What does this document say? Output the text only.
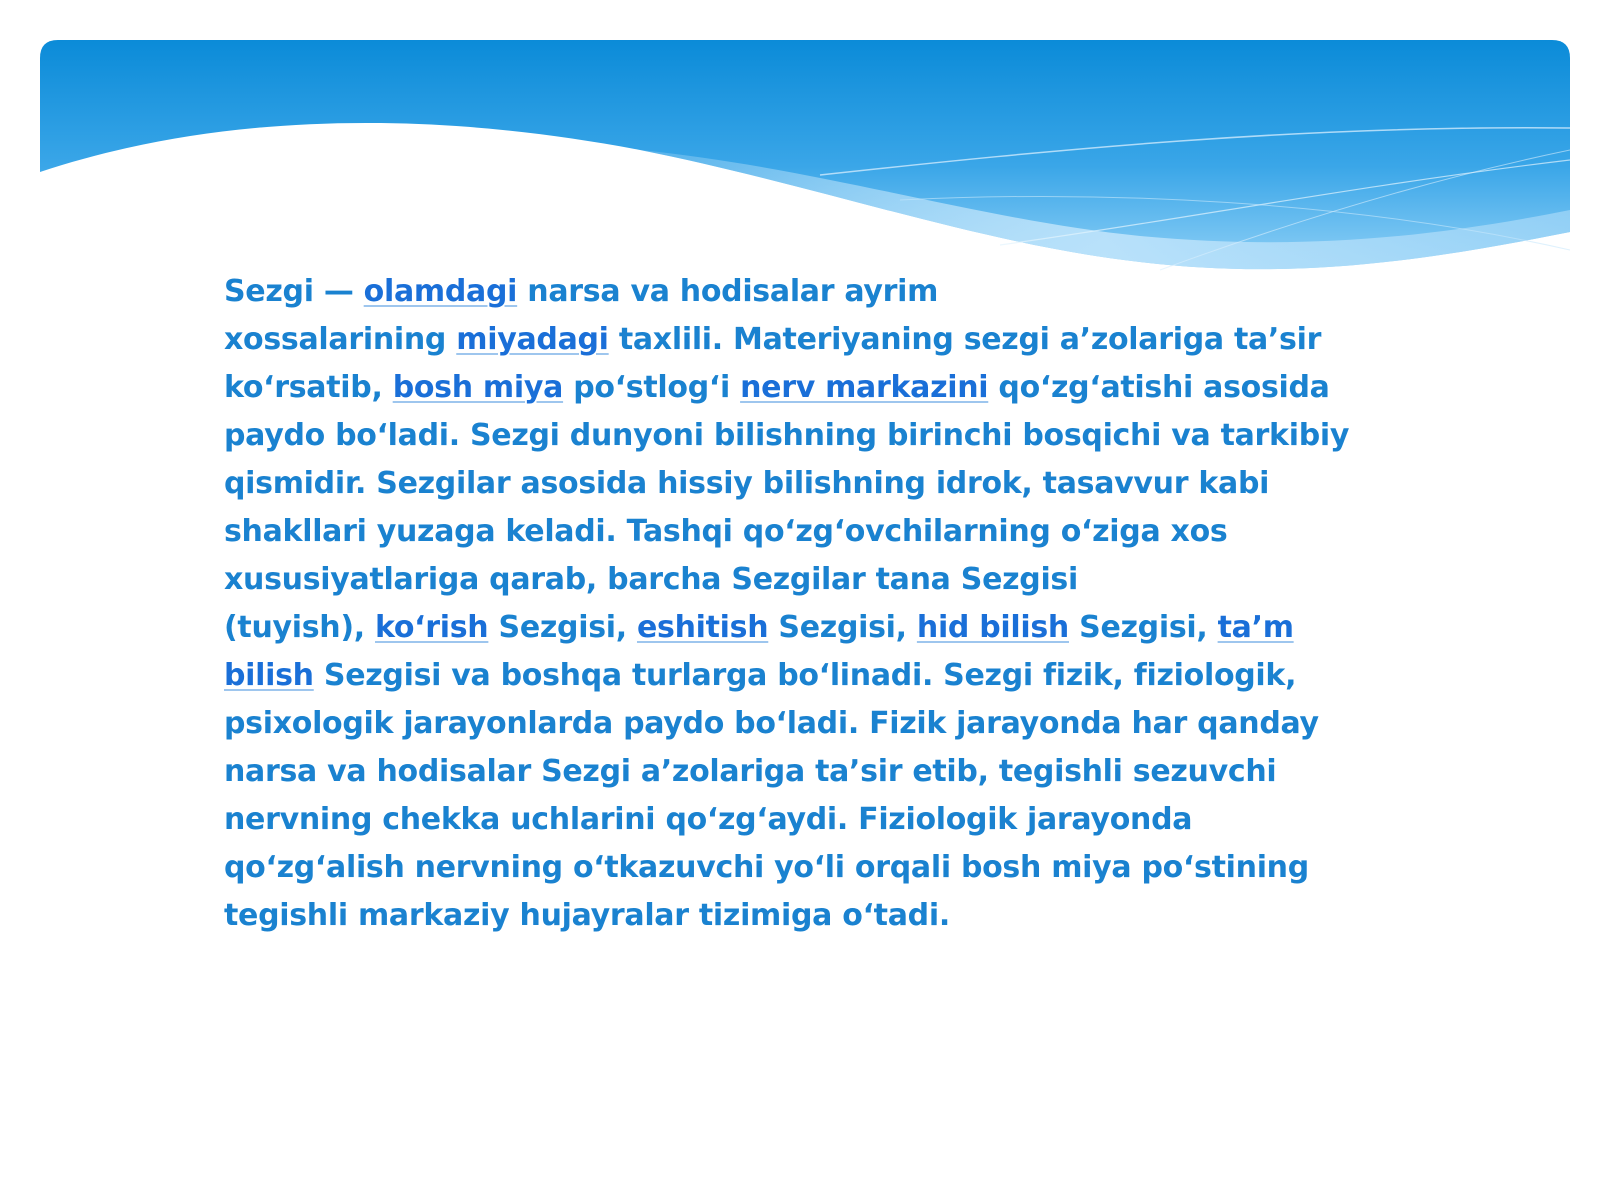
Sezgi — olamdagi narsa va hodisalar ayrim
xossalarining miyadagi taxlili. Materiyaning sezgi a’zolariga ta’sir
ko‘rsatib, bosh miya po‘stlog‘i nerv markazini qo‘zg‘atishi asosida
paydo bo‘ladi. Sezgi dunyoni bilishning birinchi bosqichi va tarkibiy
qismidir. Sezgilar asosida hissiy bilishning idrok, tasavvur kabi
shakllari yuzaga keladi. Tashqi qo‘zg‘ovchilarning o‘ziga xos
xususiyatlariga qarab, barcha Sezgilar tana Sezgisi
(tuyish), ko‘rish Sezgisi, eshitish Sezgisi, hid bilish Sezgisi, ta’m
bilish Sezgisi va boshqa turlarga bo‘linadi. Sezgi fizik, fiziologik,
psixologik jarayonlarda paydo bo‘ladi. Fizik jarayonda har qanday
narsa va hodisalar Sezgi a’zolariga ta’sir etib, tegishli sezuvchi
nervning chekka uchlarini qo‘zg‘aydi. Fiziologik jarayonda
qo‘zg‘alish nervning o‘tkazuvchi yo‘li orqali bosh miya po‘stining
tegishli markaziy hujayralar tizimiga o‘tadi.
